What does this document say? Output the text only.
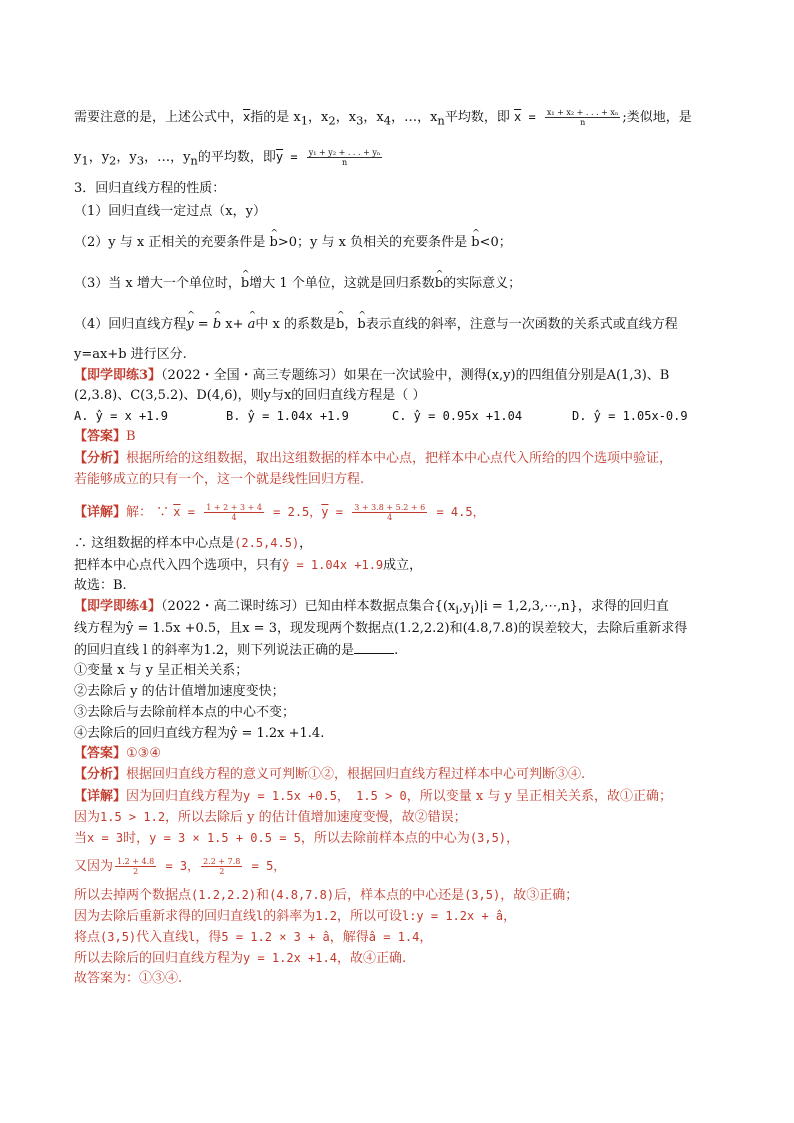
需要注意的是，上述公式中，$\overline{x}$指的是 $x_1$，$x_2$，$x_3$，$x_4$，…，$x_n$平均数，即 $\overline{x} = \frac{\text{x₁ + x₂ + . . . + xₙ}}{n}$ ;类似地，是
$y_1$，$y_2$，$y_3$，…，$y_n$的平均数，即$\overline{y} = \frac{\text{y₁ + y₂ + . . . + yₙ}}{n}$
3．回归直线方程的性质：
（1）回归直线一定过点（x，y）
（2）y 与 x 正相关的充要条件是 ^ b>0；y 与 x 负相关的充要条件是 ^ b<0；
（3）当 x 增大一个单位时，^ b增大 1 个单位，这就是回归系数^ b的实际意义；
（4）回归直线方程^ y = ^ b x+ ^ a中 x 的系数是^ b，^ b表示直线的斜率，注意与一次函数的关系式或直线方程
y=ax+b 进行区分.
【即学即练3】（2022・全国・高三专题练习）如果在一次试验中，测得(x,y)的四组值分别是A(1,3)、B
(2,3.8)、C(3,5.2)、D(4,6)，则y与x的回归直线方程是（ ）
A. ŷ = x +1.9	B. ŷ = 1.04x +1.9	C. ŷ = 0.95x +1.04	D. ŷ = 1.05x-0.9
【答案】B
【分析】根据所给的这组数据，取出这组数据的样本中心点，把样本中心点代入所给的四个选项中验证，
若能够成立的只有一个，这一个就是线性回归方程.
【详解】解： ∵ $\overline{x} = \frac{1 + 2 + 3 + 4}{4} = 2.5$，$\overline{y} = \frac{3 + 3.8 + 5.2 + 6}{4} = 4.5$，
∴ 这组数据的样本中心点是(2.5,4.5)，
把样本中心点代入四个选项中，只有ŷ = 1.04x +1.9成立，
故选：B.
【即学即练4】（2022・高二课时练习）已知由样本数据点集合{$(x_i,y_i)|i$ = 1,2,3,⋯,n}，求得的回归直
线方程为ŷ = 1.5x +0.5，且x = 3，现发现两个数据点(1.2,2.2)和(4.8,7.8)的误差较大，去除后重新求得
的回归直线 l 的斜率为1.2，则下列说法正确的是	.
①变量 x 与 y 呈正相关关系；
②去除后 y 的估计值增加速度变快；
③去除后与去除前样本点的中心不变；
④去除后的回归直线方程为ŷ = 1.2x +1.4.
【答案】①③④
【分析】根据回归直线方程的意义可判断①②，根据回归直线方程过样本中心可判断③④.
【详解】因为回归直线方程为y = 1.5x +0.5， 1.5 > 0，所以变量 x 与 y 呈正相关关系，故①正确；
因为1.5 > 1.2，所以去除后 y 的估计值增加速度变慢，故②错误；
当x = 3时，y = 3 × 1.5 + 0.5 = 5，所以去除前样本点的中心为(3,5)，
又因为 $\frac{1.2 + 4.8}{2} = 3$， $\frac{2.2 + 7.8}{2} = 5$，
所以去掉两个数据点(1.2,2.2)和(4.8,7.8)后，样本点的中心还是(3,5)，故③正确；
因为去除后重新求得的回归直线l的斜率为1.2，所以可设l:y = 1.2x + â，
将点(3,5)代入直线l，得5 = 1.2 × 3 + â，解得â = 1.4，
所以去除后的回归直线方程为y = 1.2x +1.4，故④正确.
故答案为：①③④.
